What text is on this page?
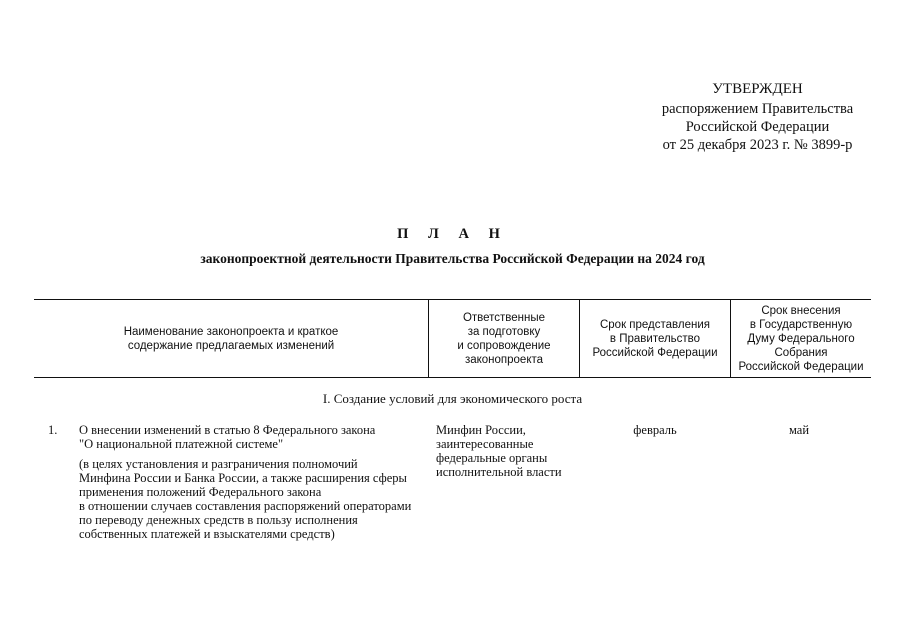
УТВЕРЖДЕН
распоряжением Правительства
Российской Федерации
от 25 декабря 2023 г. № 3899-р
П Л А Н
законопроектной деятельности Правительства Российской Федерации на 2024 год
Наименование законопроекта и краткое
содержание предлагаемых изменений
Ответственные
за подготовку
и сопровождение
законопроекта
Срок представления
в Правительство
Российской Федерации
Срок внесения
в Государственную
Думу Федерального
Собрания
Российской Федерации
I. Создание условий для экономического роста
1. О внесении изменений в статью 8 Федерального закона
"О национальной платежной системе"
(в целях установления и разграничения полномочий
Минфина России и Банка России, а также расширения сферы
применения положений Федерального закона
в отношении случаев составления распоряжений операторами
по переводу денежных средств в пользу исполнения
собственных платежей и взыскателями средств)
Минфин России,
заинтересованные
федеральные органы
исполнительной власти
февраль	май
